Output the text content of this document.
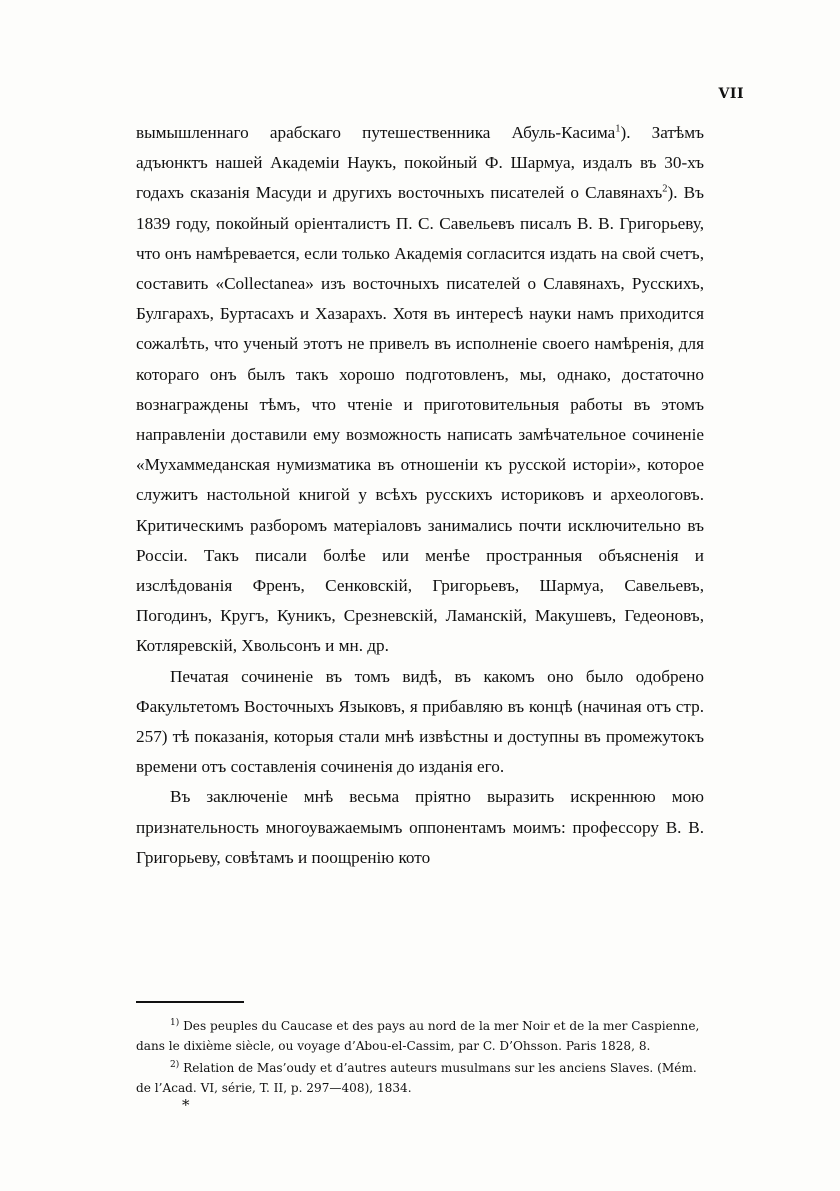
VII

вымышленнаго арабскаго путешественника Абуль-Касима$^1$). Затѣмъ адъюнктъ нашей Академіи Наукъ, покойный Ф. Шармуа, издалъ въ 30-хъ годахъ сказанія Масуди и другихъ восточныхъ писателей о Славянахъ$^2$). Въ 1839 году, покойный оріенталистъ П. С. Савельевъ писалъ В. В. Григорьеву, что онъ намѣревается, если только Академія согласится издать на свой счетъ, составить «Collectanea» изъ восточныхъ писателей о Славянахъ, Русскихъ, Булгарахъ, Буртасахъ и Хазарахъ. Хотя въ интересѣ науки намъ приходится сожалѣть, что ученый этотъ не привелъ въ исполненіе своего намѣренія, для котораго онъ былъ такъ хорошо подготовленъ, мы, однако, достаточно вознаграждены тѣмъ, что чтеніе и приготовительныя работы въ этомъ направленіи доставили ему возможность написать замѣчательное сочиненіе «Мухаммеданская нумизматика въ отношеніи къ русской исторіи», которое служитъ настольной книгой у всѣхъ русскихъ историковъ и археологовъ. Критическимъ разборомъ матеріаловъ занимались почти исключительно въ Россіи. Такъ писали болѣе или менѣе пространныя объясненія и изслѣдованія Френъ, Сенковскій, Григорьевъ, Шармуа, Савельевъ, Погодинъ, Кругъ, Куникъ, Срезневскій, Ламанскій, Макушевъ, Гедеоновъ, Котляревскій, Хвольсонъ и мн. др.

Печатая сочиненіе въ томъ видѣ, въ какомъ оно было одобрено Факультетомъ Восточныхъ Языковъ, я прибавляю въ концѣ (начиная отъ стр. 257) тѣ показанія, которыя стали мнѣ извѣстны и доступны въ промежутокъ времени отъ составленія сочиненія до изданія его.

Въ заключеніе мнѣ весьма пріятно выразить искреннюю мою признательность многоуважаемымъ оппонентамъ моимъ: профессору В. В. Григорьеву, совѣтамъ и поощренію кото

$^{1)}$ Des peuples du Caucase et des pays au nord de la mer Noir et de la mer Caspienne, dans le dixième siècle, ou voyage d’Abou-el-Cassim, par C. D’Ohsson. Paris 1828, 8.

$^{2)}$ Relation de Mas’oudy et d’autres auteurs musulmans sur les anciens Slaves. (Mém. de l’Acad. VI, série, T. II, p. 297—408), 1834.

*
